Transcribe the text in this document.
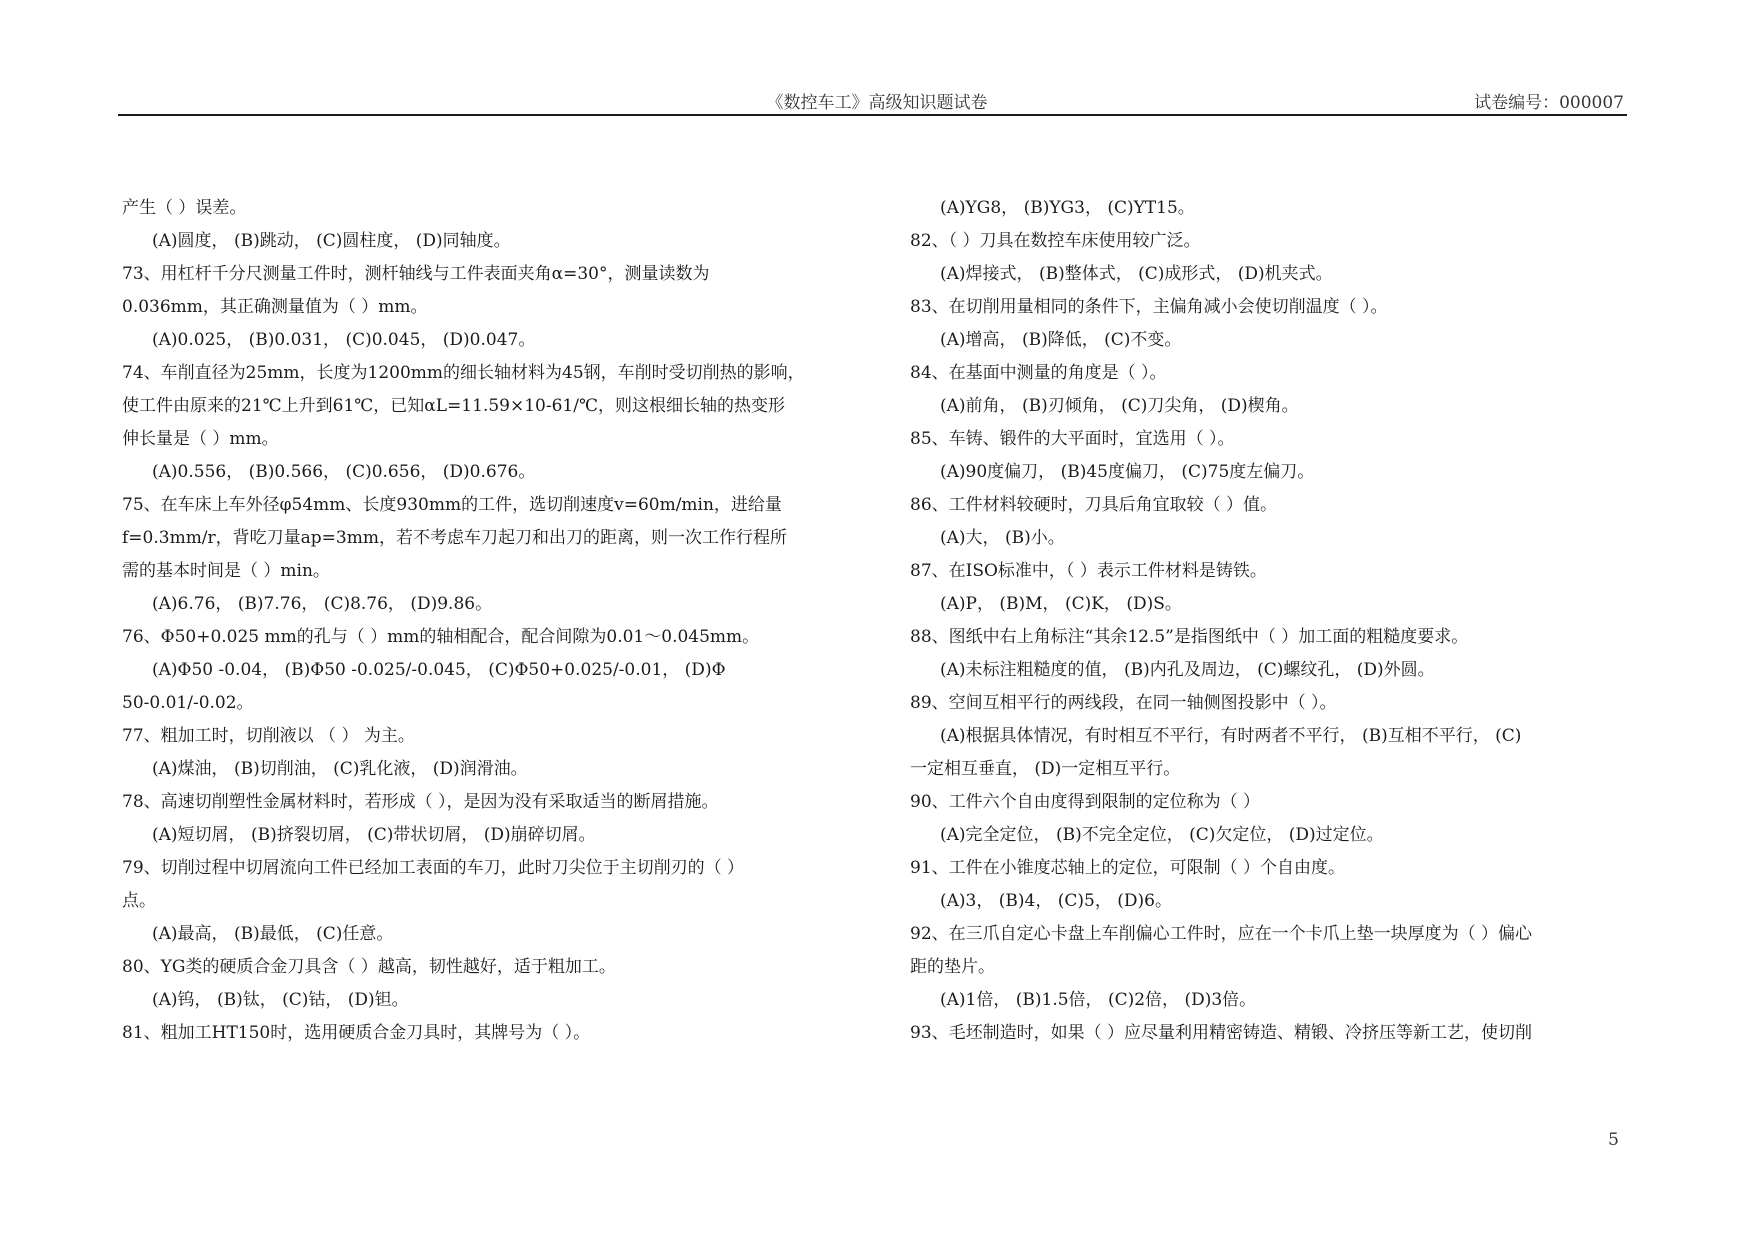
《数控车工》高级知识题试卷	试卷编号：000007
产生（ ）误差。
(A)圆度， (B)跳动， (C)圆柱度， (D)同轴度。
73、用杠杆千分尺测量工件时，测杆轴线与工件表面夹角α=30°，测量读数为
0.036mm，其正确测量值为（ ）mm。
(A)0.025， (B)0.031， (C)0.045， (D)0.047。
74、车削直径为25mm，长度为1200mm的细长轴材料为45钢，车削时受切削热的影响，
使工件由原来的21℃上升到61℃，已知αL=11.59×10-61/℃，则这根细长轴的热变形
伸长量是（ ）mm。
(A)0.556， (B)0.566， (C)0.656， (D)0.676。
75、在车床上车外径φ54mm、长度930mm的工件，选切削速度v=60m/min，进给量
f=0.3mm/r，背吃刀量ap=3mm，若不考虑车刀起刀和出刀的距离，则一次工作行程所
需的基本时间是（ ）min。
(A)6.76， (B)7.76， (C)8.76， (D)9.86。
76、Φ50+0.025 mm的孔与（ ）mm的轴相配合，配合间隙为0.01～0.045mm。
(A)Φ50 -0.04， (B)Φ50 -0.025/-0.045， (C)Φ50+0.025/-0.01， (D)Φ
50-0.01/-0.02。
77、粗加工时，切削液以 （ ） 为主。
(A)煤油， (B)切削油， (C)乳化液， (D)润滑油。
78、高速切削塑性金属材料时，若形成（ ），是因为没有采取适当的断屑措施。
(A)短切屑， (B)挤裂切屑， (C)带状切屑， (D)崩碎切屑。
79、切削过程中切屑流向工件已经加工表面的车刀，此时刀尖位于主切削刃的（ ）
点。
(A)最高， (B)最低， (C)任意。
80、YG类的硬质合金刀具含（ ）越高，韧性越好，适于粗加工。
(A)钨， (B)钛， (C)钴， (D)钽。
81、粗加工HT150时，选用硬质合金刀具时，其牌号为（ ）。
(A)YG8， (B)YG3， (C)YT15。
82、（ ）刀具在数控车床使用较广泛。
(A)焊接式， (B)整体式， (C)成形式， (D)机夹式。
83、在切削用量相同的条件下，主偏角减小会使切削温度（ ）。
(A)增高， (B)降低， (C)不变。
84、在基面中测量的角度是（ ）。
(A)前角， (B)刃倾角， (C)刀尖角， (D)楔角。
85、车铸、锻件的大平面时，宜选用（ ）。
(A)90度偏刀， (B)45度偏刀， (C)75度左偏刀。
86、工件材料较硬时，刀具后角宜取较（ ）值。
(A)大， (B)小。
87、在ISO标准中，（ ）表示工件材料是铸铁。
(A)P， (B)M， (C)K， (D)S。
88、图纸中右上角标注“其余12.5”是指图纸中（ ）加工面的粗糙度要求。
(A)未标注粗糙度的值， (B)内孔及周边， (C)螺纹孔， (D)外圆。
89、空间互相平行的两线段，在同一轴侧图投影中（ ）。
(A)根据具体情况，有时相互不平行，有时两者不平行， (B)互相不平行， (C)
一定相互垂直， (D)一定相互平行。
90、工件六个自由度得到限制的定位称为（ ）
(A)完全定位， (B)不完全定位， (C)欠定位， (D)过定位。
91、工件在小锥度芯轴上的定位，可限制（ ）个自由度。
(A)3， (B)4， (C)5， (D)6。
92、在三爪自定心卡盘上车削偏心工件时，应在一个卡爪上垫一块厚度为（ ）偏心
距的垫片。
(A)1倍， (B)1.5倍， (C)2倍， (D)3倍。
93、毛坯制造时，如果（ ）应尽量利用精密铸造、精锻、冷挤压等新工艺，使切削
5
